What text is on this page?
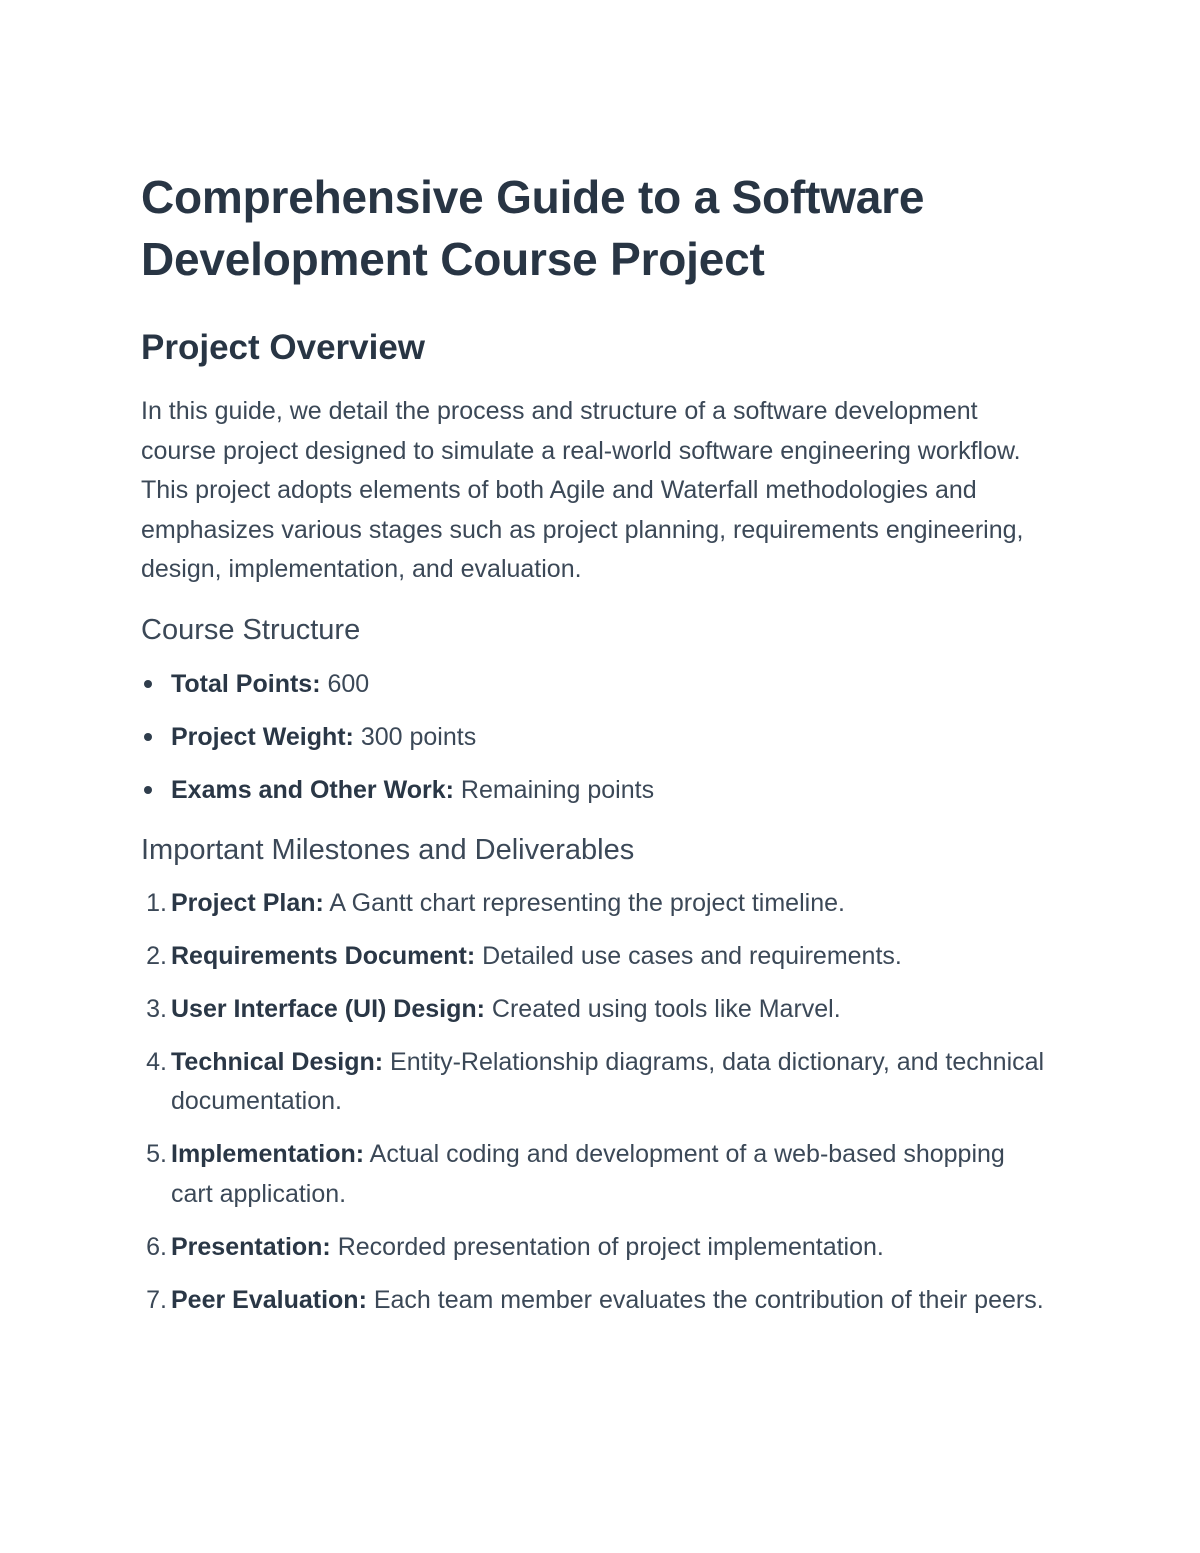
Comprehensive Guide to a Software Development Course Project
Project Overview

In this guide, we detail the process and structure of a software development course project designed to simulate a real-world software engineering workflow. This project adopts elements of both Agile and Waterfall methodologies and emphasizes various stages such as project planning, requirements engineering, design, implementation, and evaluation.

Course Structure
Total Points: 600
Project Weight: 300 points
Exams and Other Work: Remaining points
Important Milestones and Deliverables
1. Project Plan: A Gantt chart representing the project timeline.
2. Requirements Document: Detailed use cases and requirements.
3. User Interface (UI) Design: Created using tools like Marvel.
4. Technical Design: Entity-Relationship diagrams, data dictionary, and technical documentation.
5. Implementation: Actual coding and development of a web-based shopping cart application.
6. Presentation: Recorded presentation of project implementation.
7. Peer Evaluation: Each team member evaluates the contribution of their peers.
